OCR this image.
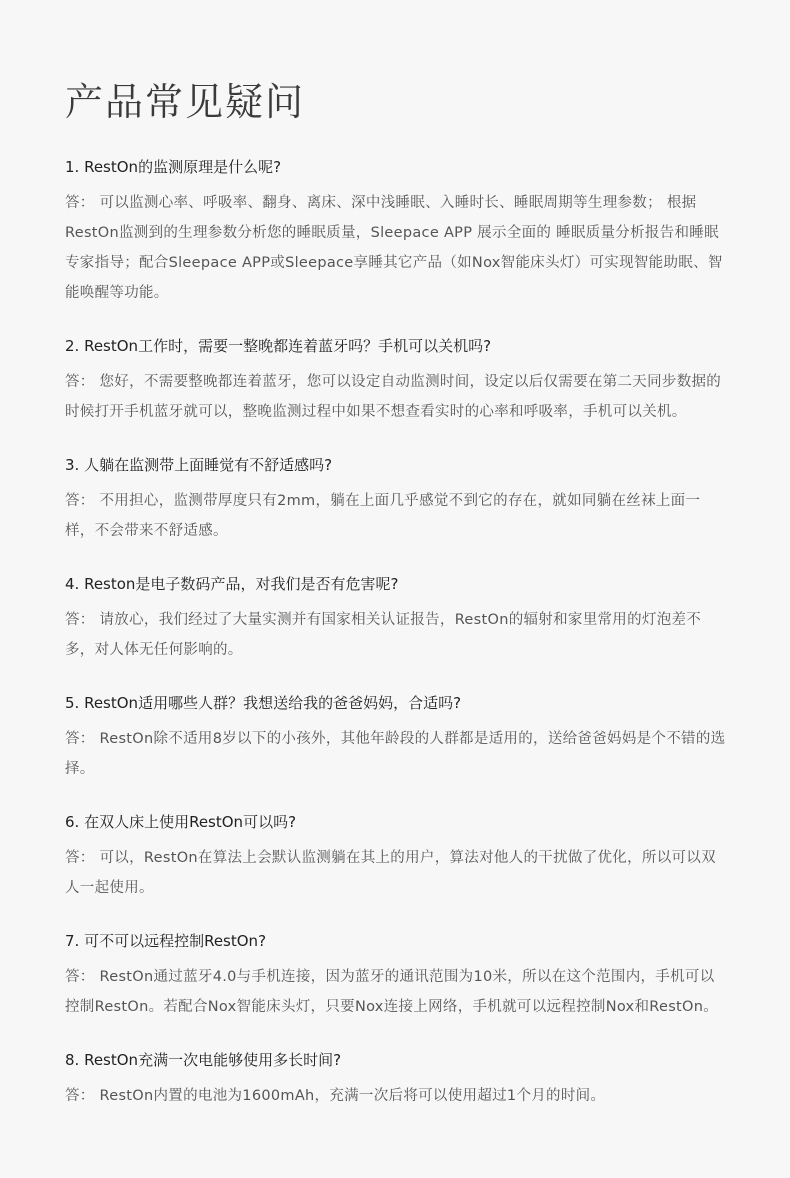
产品常见疑问
1. RestOn的监测原理是什么呢?
答： 可以监测心率、呼吸率、翻身、离床、深中浅睡眠、入睡时长、睡眠周期等生理参数； 根据RestOn监测到的生理参数分析您的睡眠质量，Sleepace APP 展示全面的 睡眠质量分析报告和睡眠专家指导；配合Sleepace APP或Sleepace享睡其它产品（如Nox智能床头灯）可实现智能助眠、智能唤醒等功能。
2. RestOn工作时，需要一整晚都连着蓝牙吗？手机可以关机吗?
答： 您好，不需要整晚都连着蓝牙，您可以设定自动监测时间，设定以后仅需要在第二天同步数据的时候打开手机蓝牙就可以，整晚监测过程中如果不想查看实时的心率和呼吸率，手机可以关机。
3. 人躺在监测带上面睡觉有不舒适感吗?
答： 不用担心，监测带厚度只有2mm，躺在上面几乎感觉不到它的存在，就如同躺在丝袜上面一样，不会带来不舒适感。
4. Reston是电子数码产品，对我们是否有危害呢?
答： 请放心，我们经过了大量实测并有国家相关认证报告，RestOn的辐射和家里常用的灯泡差不多，对人体无任何影响的。
5. RestOn适用哪些人群？我想送给我的爸爸妈妈，合适吗?
答： RestOn除不适用8岁以下的小孩外，其他年龄段的人群都是适用的，送给爸爸妈妈是个不错的选择。
6. 在双人床上使用RestOn可以吗?
答： 可以，RestOn在算法上会默认监测躺在其上的用户，算法对他人的干扰做了优化，所以可以双人一起使用。
7. 可不可以远程控制RestOn?
答： RestOn通过蓝牙4.0与手机连接，因为蓝牙的通讯范围为10米，所以在这个范围内，手机可以控制RestOn。若配合Nox智能床头灯，只要Nox连接上网络，手机就可以远程控制Nox和RestOn。
8. RestOn充满一次电能够使用多长时间?
答： RestOn内置的电池为1600mAh，充满一次后将可以使用超过1个月的时间。
